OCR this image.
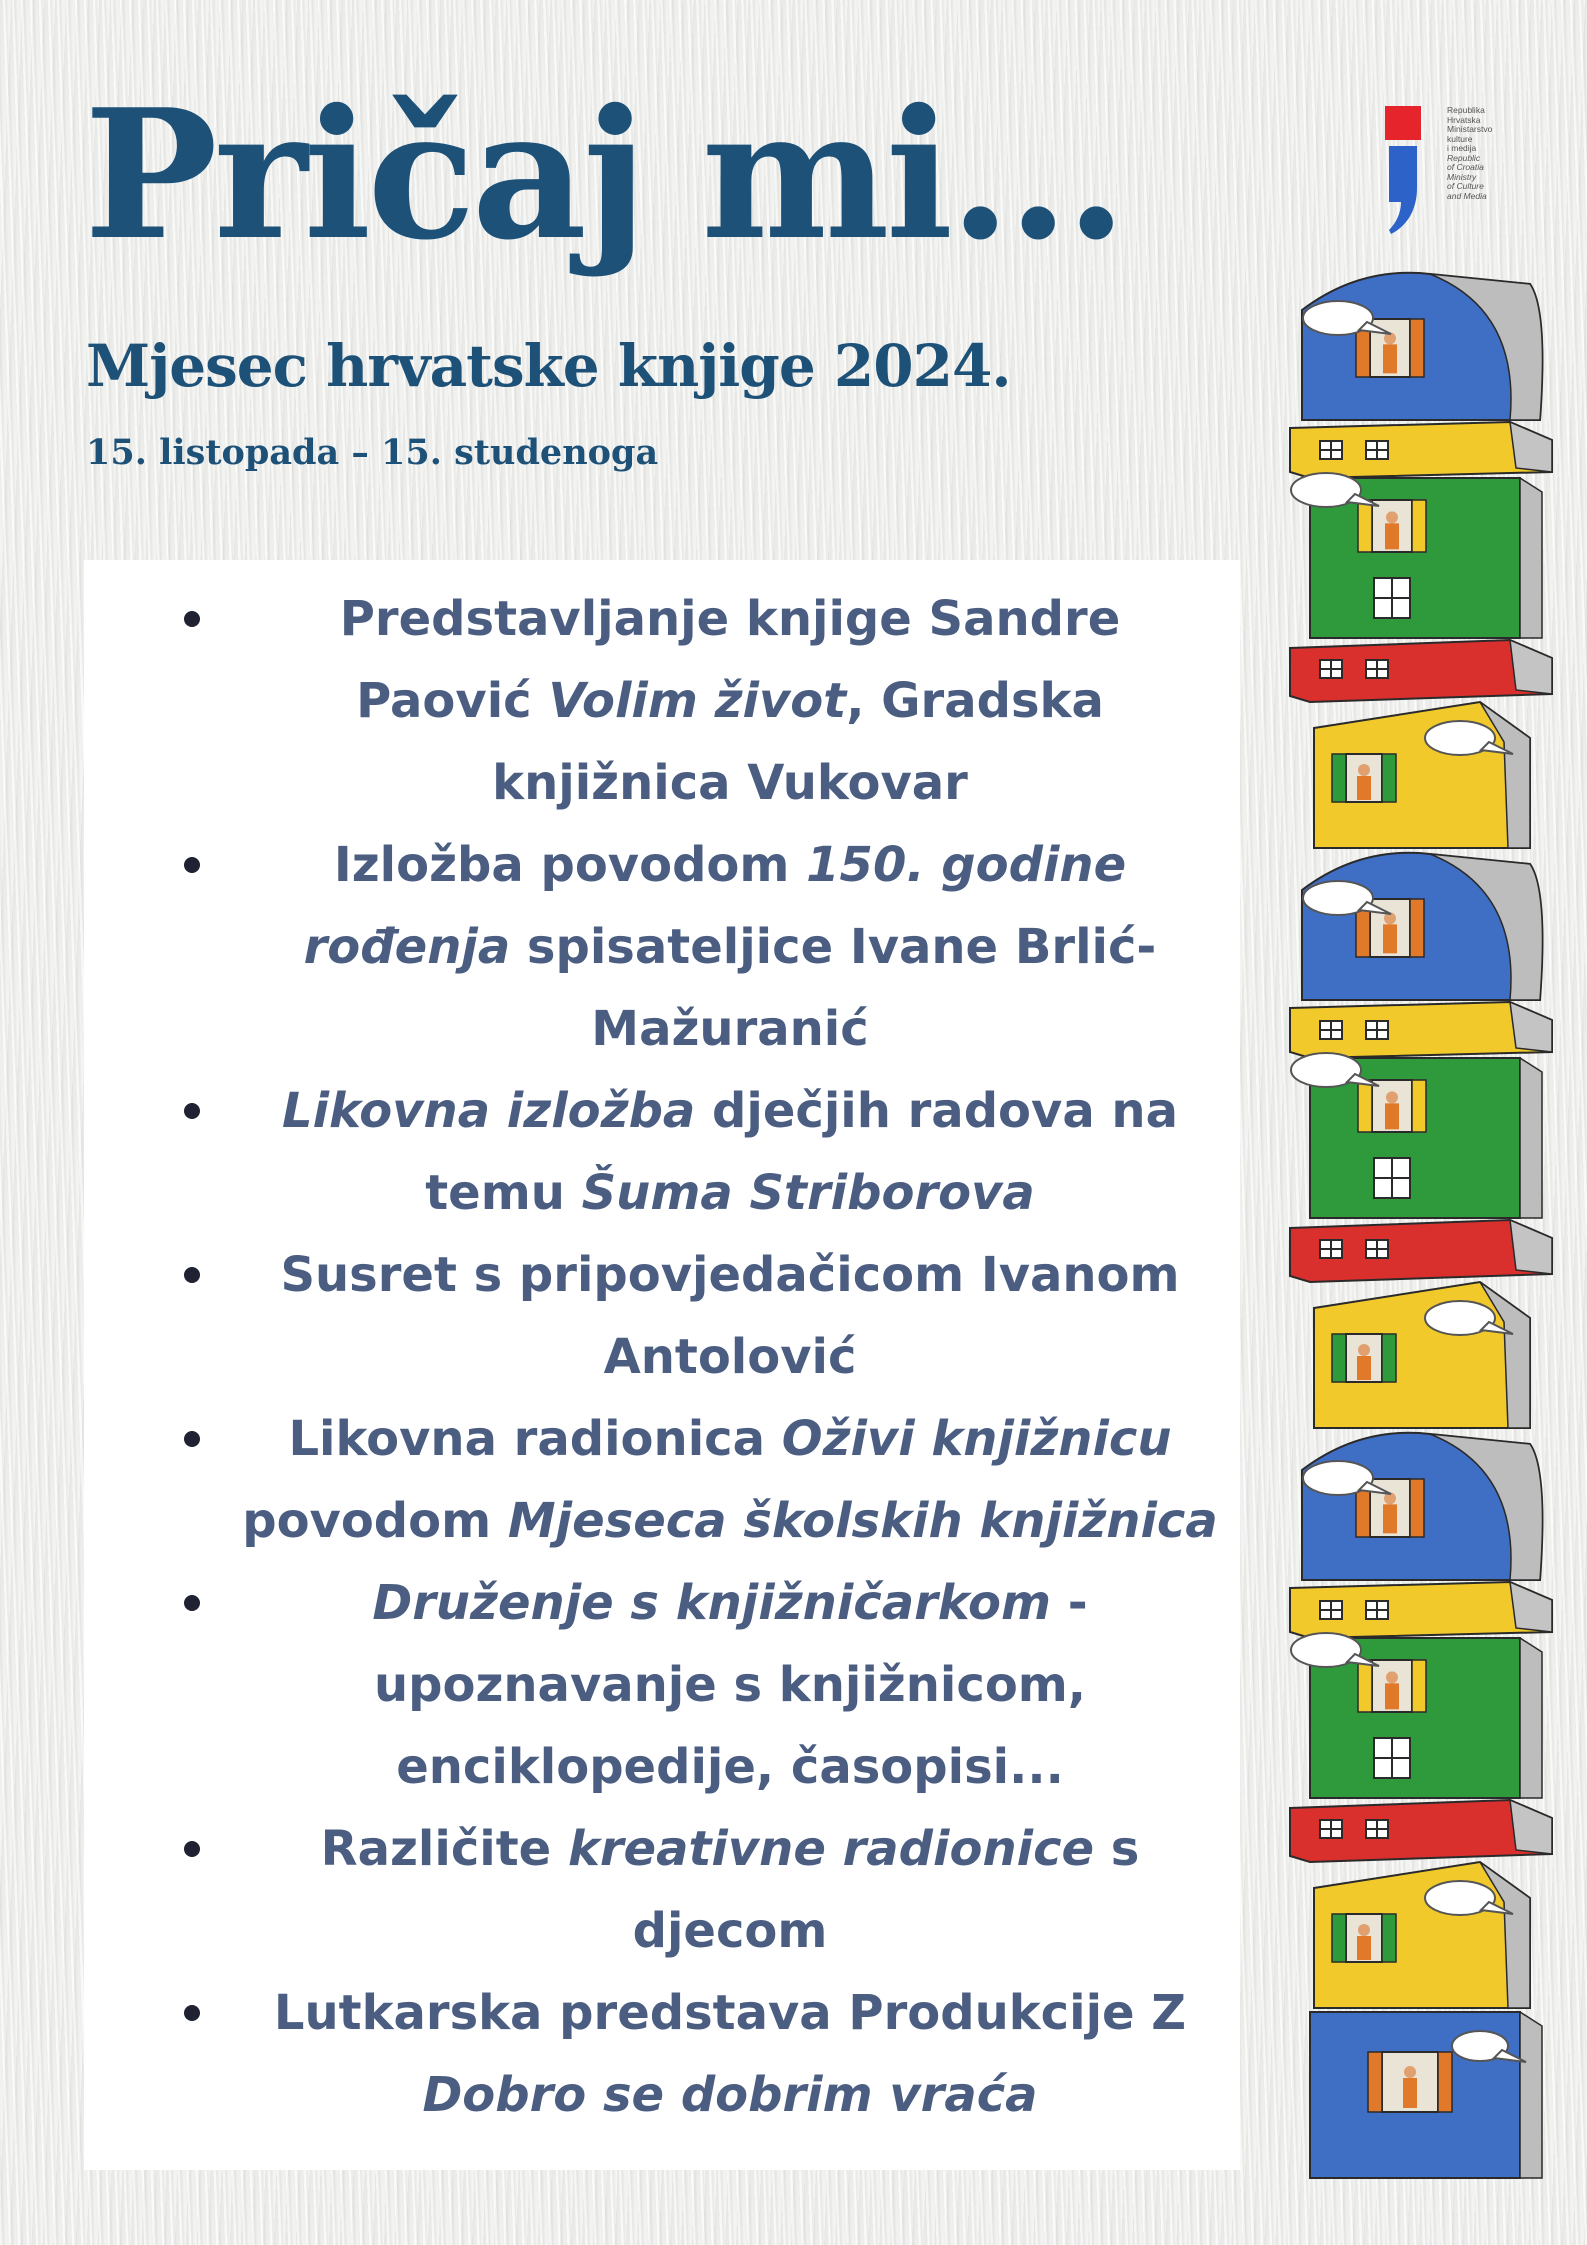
Pričaj mi...
Mjesec hrvatske knjige 2024.

15. listopada – 15. studenoga

Republika
Hrvatska
Ministarstvo
kulture
i medija
Republic
of Croatia
Ministry
of Culture
and Media

Predstavljanje knjige Sandre
Paović Volim život, Gradska
knjižnica Vukovar

Izložba povodom 150. godine
rođenja spisateljice Ivane Brlić-
Mažuranić

Likovna izložba dječjih radova na
temu Šuma Striborova

Susret s pripovjedačicom Ivanom
Antolović

Likovna radionica Oživi knjižnicu
povodom Mjeseca školskih knjižnica

Druženje s knjižničarkom -
upoznavanje s knjižnicom,
enciklopedije, časopisi...

Različite kreativne radionice s
djecom

Lutkarska predstava Produkcije Z
Dobro se dobrim vraća
